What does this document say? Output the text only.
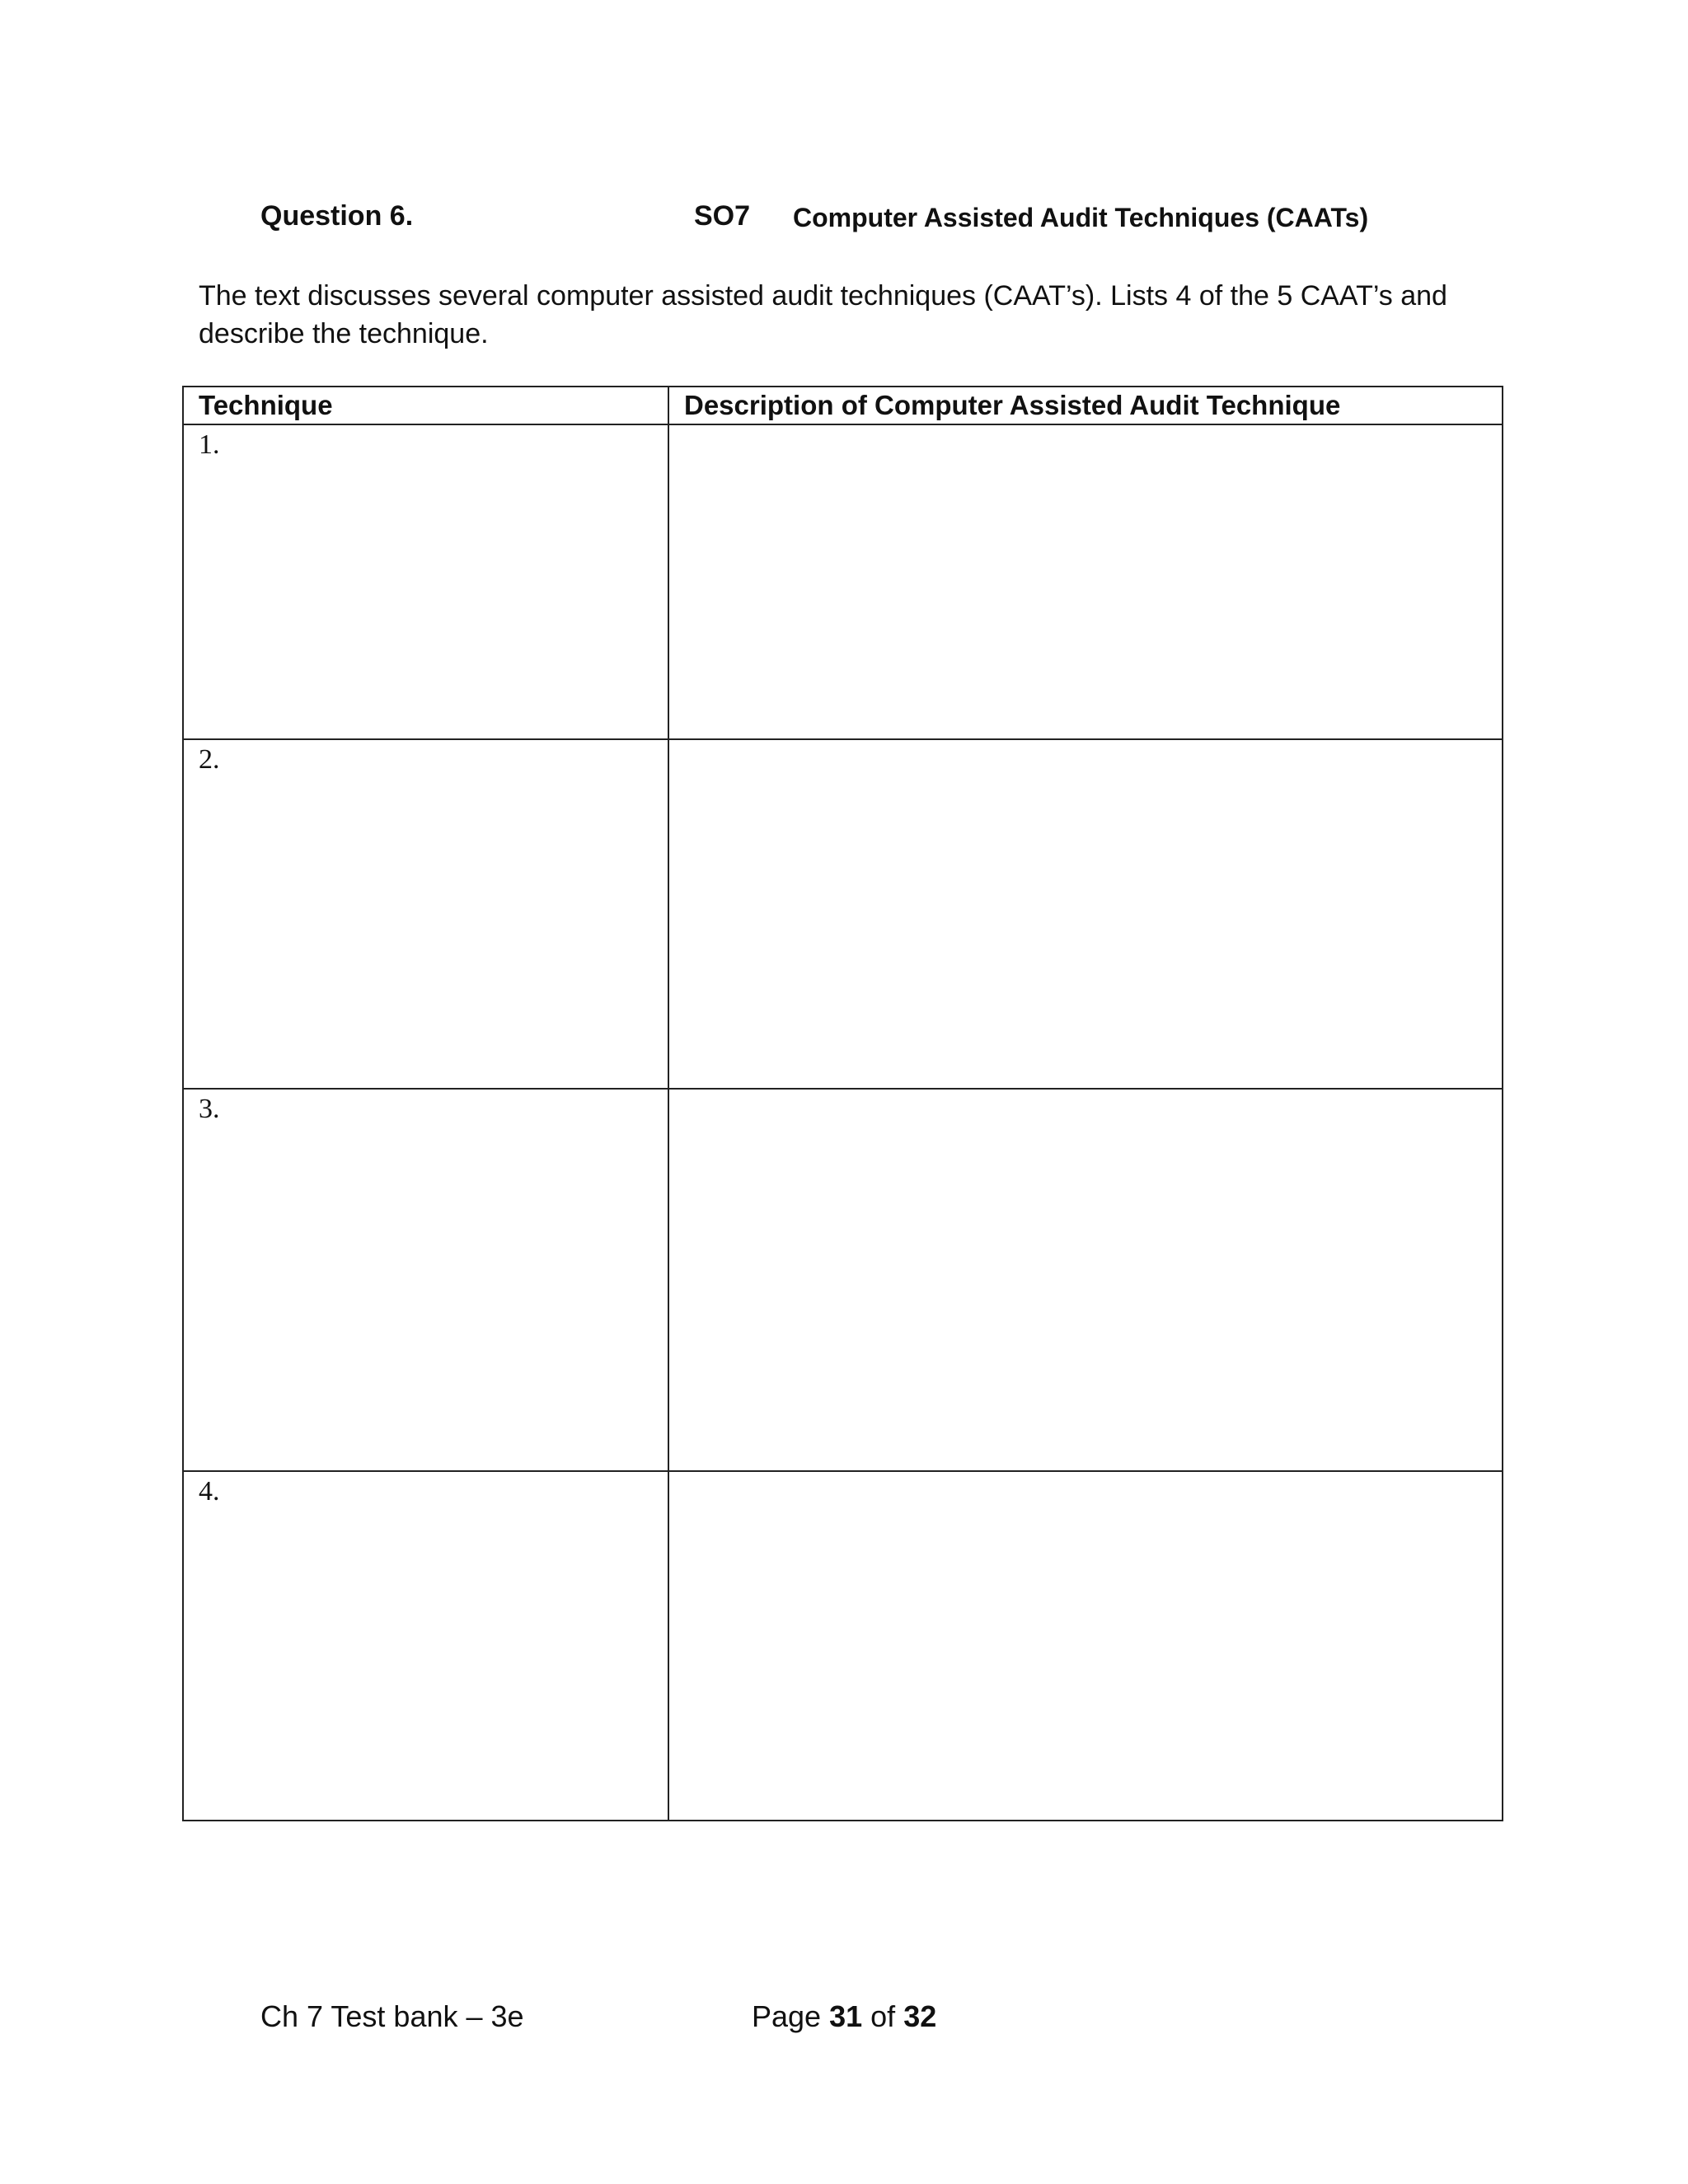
Question 6.	SO7 Computer Assisted Audit Techniques (CAATs)
The text discusses several computer assisted audit techniques (CAAT’s). Lists 4 of the 5 CAAT’s and describe the technique.
Technique	Description of Computer Assisted Audit Technique
1.	
2.	
3.	
4.	
Ch 7 Test bank – 3e	Page 31 of 32
